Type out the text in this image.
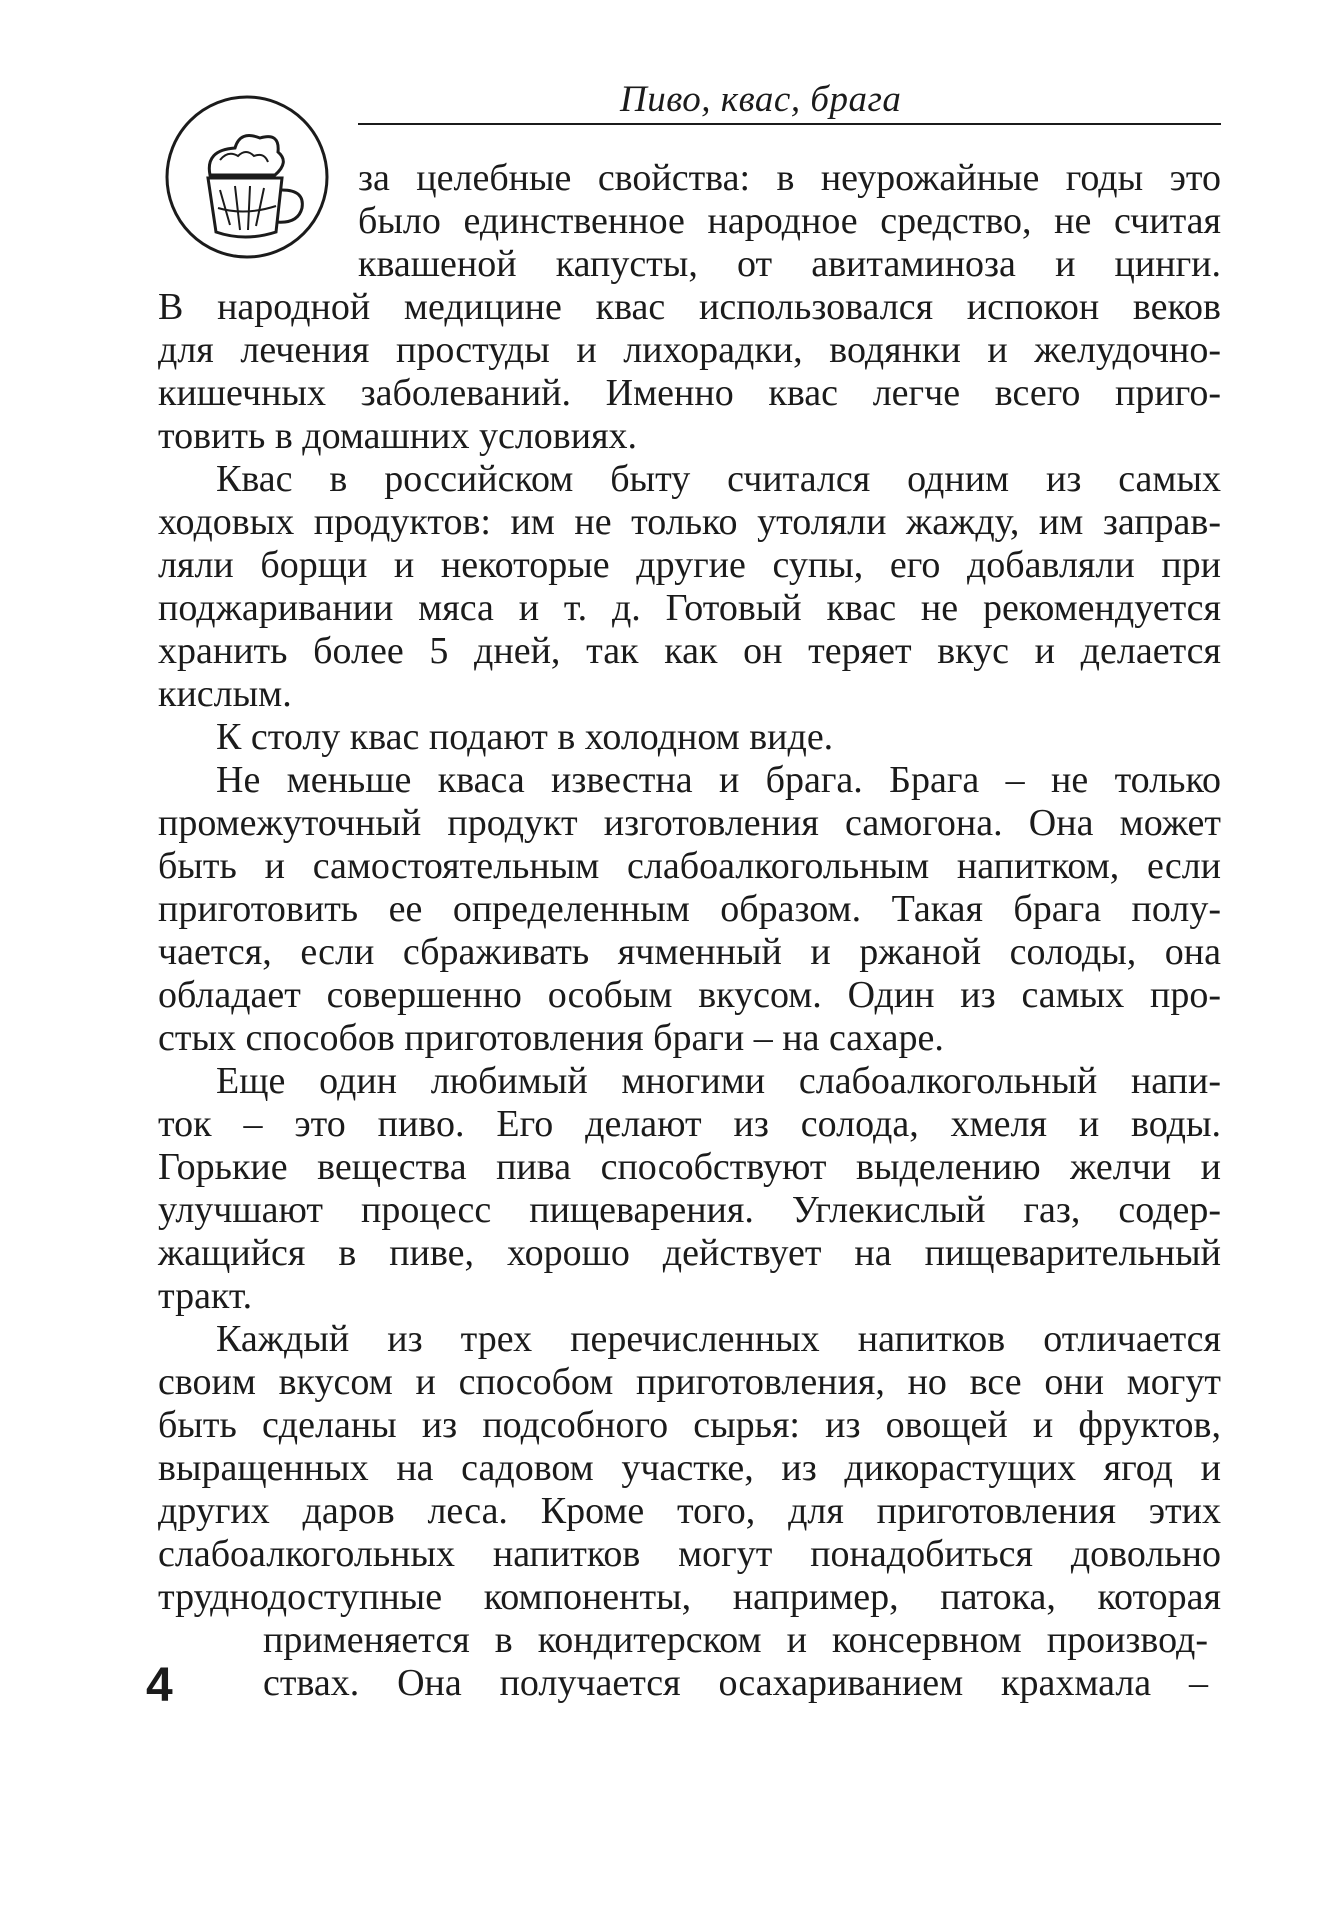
Пиво, квас, брага
за целебные свойства: в неурожайные годы это
было единственное народное средство, не считая
квашеной капусты, от авитаминоза и цинги.
В народной медицине квас использовался испокон веков
для лечения простуды и лихорадки, водянки и желудочно-
кишечных заболеваний. Именно квас легче всего приго-
товить в домашних условиях.
Квас в российском быту считался одним из самых
ходовых продуктов: им не только утоляли жажду, им заправ-
ляли борщи и некоторые другие супы, его добавляли при
поджаривании мяса и т. д. Готовый квас не рекомендуется
хранить более 5 дней, так как он теряет вкус и делается
кислым.
К столу квас подают в холодном виде.
Не меньше кваса известна и брага. Брага – не только
промежуточный продукт изготовления самогона. Она может
быть и самостоятельным слабоалкогольным напитком, если
приготовить ее определенным образом. Такая брага полу-
чается, если сбраживать ячменный и ржаной солоды, она
обладает совершенно особым вкусом. Один из самых про-
стых способов приготовления браги – на сахаре.
Еще один любимый многими слабоалкогольный напи-
ток – это пиво. Его делают из солода, хмеля и воды.
Горькие вещества пива способствуют выделению желчи и
улучшают процесс пищеварения. Углекислый газ, содер-
жащийся в пиве, хорошо действует на пищеварительный
тракт.
Каждый из трех перечисленных напитков отличается
своим вкусом и способом приготовления, но все они могут
быть сделаны из подсобного сырья: из овощей и фруктов,
выращенных на садовом участке, из дикорастущих ягод и
других даров леса. Кроме того, для приготовления этих
слабоалкогольных напитков могут понадобиться довольно
труднодоступные компоненты, например, патока, которая
применяется в кондитерском и консервном производ-
ствах. Она получается осахариванием крахмала –
4
